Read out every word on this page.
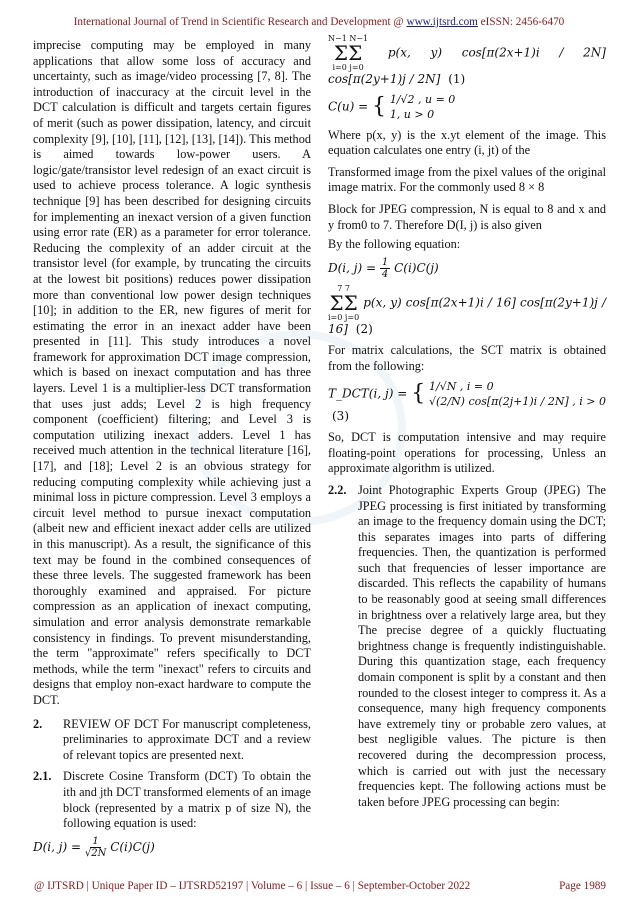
International Journal of Trend in Scientific Research and Development @ www.ijtsrd.com eISSN: 2456-6470

imprecise computing may be employed in many applications that allow some loss of accuracy and uncertainty, such as image/video processing [7, 8]. The introduction of inaccuracy at the circuit level in the DCT calculation is difficult and targets certain figures of merit (such as power dissipation, latency, and circuit complexity [9], [10], [11], [12], [13], [14]). This method is aimed towards low-power users. A logic/gate/transistor level redesign of an exact circuit is used to achieve process tolerance. A logic synthesis technique [9] has been described for designing circuits for implementing an inexact version of a given function using error rate (ER) as a parameter for error tolerance. Reducing the complexity of an adder circuit at the transistor level (for example, by truncating the circuits at the lowest bit positions) reduces power dissipation more than conventional low power design techniques [10]; in addition to the ER, new figures of merit for estimating the error in an inexact adder have been presented in [11]. This study introduces a novel framework for approximation DCT image compression, which is based on inexact computation and has three layers. Level 1 is a multiplier-less DCT transformation that uses just adds; Level 2 is high frequency component (coefficient) filtering; and Level 3 is computation utilizing inexact adders. Level 1 has received much attention in the technical literature [16], [17], and [18]; Level 2 is an obvious strategy for reducing computing complexity while achieving just a minimal loss in picture compression. Level 3 employs a circuit level method to pursue inexact computation (albeit new and efficient inexact adder cells are utilized in this manuscript). As a result, the significance of this text may be found in the combined consequences of these three levels. The suggested framework has been thoroughly examined and appraised. For picture compression as an application of inexact computing, simulation and error analysis demonstrate remarkable consistency in findings. To prevent misunderstanding, the term "approximate" refers specifically to DCT methods, while the term "inexact" refers to circuits and designs that employ non-exact hardware to compute the DCT.

2.	REVIEW OF DCT For manuscript completeness, preliminaries to approximate DCT and a review of relevant topics are presented next.
2.1. Discrete Cosine Transform (DCT) To obtain the ith and jth DCT transformed elements of an image block (represented by a matrix p of size N), the following equation is used:
D(i, $j) = \frac{1}{√2N} C(i)C(j)$
N−1 N−1
ΣΣ
i=0 j=0
p(x, y) cos[π(2x+1)i / 2N] cos[π(2y+1)j / 2N] (1)
C(u) = { 1/√2 , u = 0
1, u > 0

Where p(x, y) is the x.yt element of the image. This equation calculates one entry (i, jt) of the

Transformed image from the pixel values of the original image matrix. For the commonly used 8 × 8

Block for JPEG compression, N is equal to 8 and x and y from0 to 7. Therefore D(I, j) is also given

By the following equation:

D(i, $j) = \frac{1}{4} C(i)C(j)$
7 7
ΣΣ
i=0 j=0
p(x, y) cos[π(2x+1)i / 16] cos[π(2y+1)j / 16] (2)

For matrix calculations, the SCT matrix is obtained from the following:

T_DCT(i, j) = { 1/√N , i = 0
√(2/N) cos[π(2j+1)i / 2N] , i > 0
(3)

So, DCT is computation intensive and may require floating-point operations for processing, Unless an approximate algorithm is utilized.

2.2. Joint Photographic Experts Group (JPEG) The JPEG processing is first initiated by transforming an image to the frequency domain using the DCT; this separates images into parts of differing frequencies. Then, the quantization is performed such that frequencies of lesser importance are discarded. This reflects the capability of humans to be reasonably good at seeing small differences in brightness over a relatively large area, but they The precise degree of a quickly fluctuating brightness change is frequently indistinguishable. During this quantization stage, each frequency domain component is split by a constant and then rounded to the closest integer to compress it. As a consequence, many high frequency components have extremely tiny or probable zero values, at best negligible values. The picture is then recovered during the decompression process, which is carried out with just the necessary frequencies kept. The following actions must be taken before JPEG processing can begin:
@ IJTSRD | Unique Paper ID – IJTSRD52197 | Volume – 6 | Issue – 6 | September-October 2022	Page 1989
